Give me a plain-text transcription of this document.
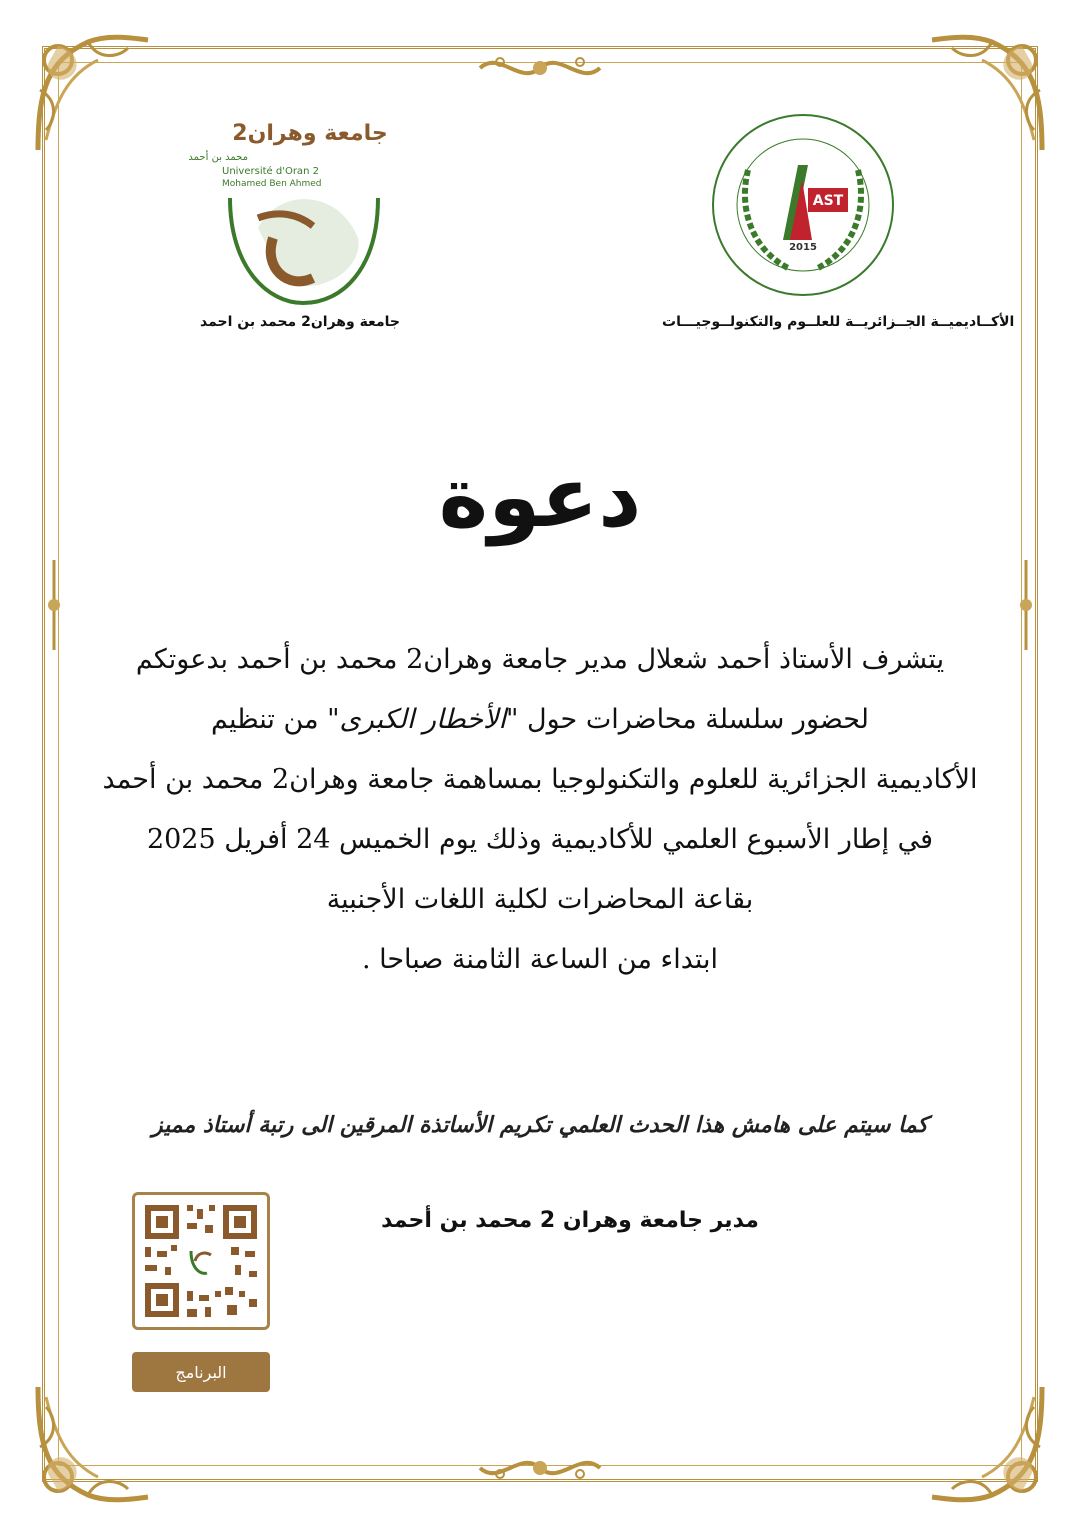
جامعة وهران2
محمد بن أحمد
Université d'Oran 2
Mohamed Ben Ahmed
AST
2015
جامعة وهران2 محمد بن احمد	الأكــاديميــة الجــزائريــة للعلــوم والتكنولــوجيـــات
دعوة
يتشرف الأستاذ أحمد شعلال مدير جامعة وهران2 محمد بن أحمد بدعوتكم
لحضور سلسلة محاضرات حول "الأخطار الكبرى" من تنظيم
الأكاديمية الجزائرية للعلوم والتكنولوجيا بمساهمة جامعة وهران2 محمد بن أحمد
في إطار الأسبوع العلمي للأكاديمية وذلك يوم الخميس 24 أفريل 2025
بقاعة المحاضرات لكلية اللغات الأجنبية
ابتداء من الساعة الثامنة صباحا .
كما سيتم على هامش هذا الحدث العلمي تكريم الأساتذة المرقين الى رتبة أستاذ مميز
مدير جامعة وهران 2 محمد بن أحمد
البرنامج
